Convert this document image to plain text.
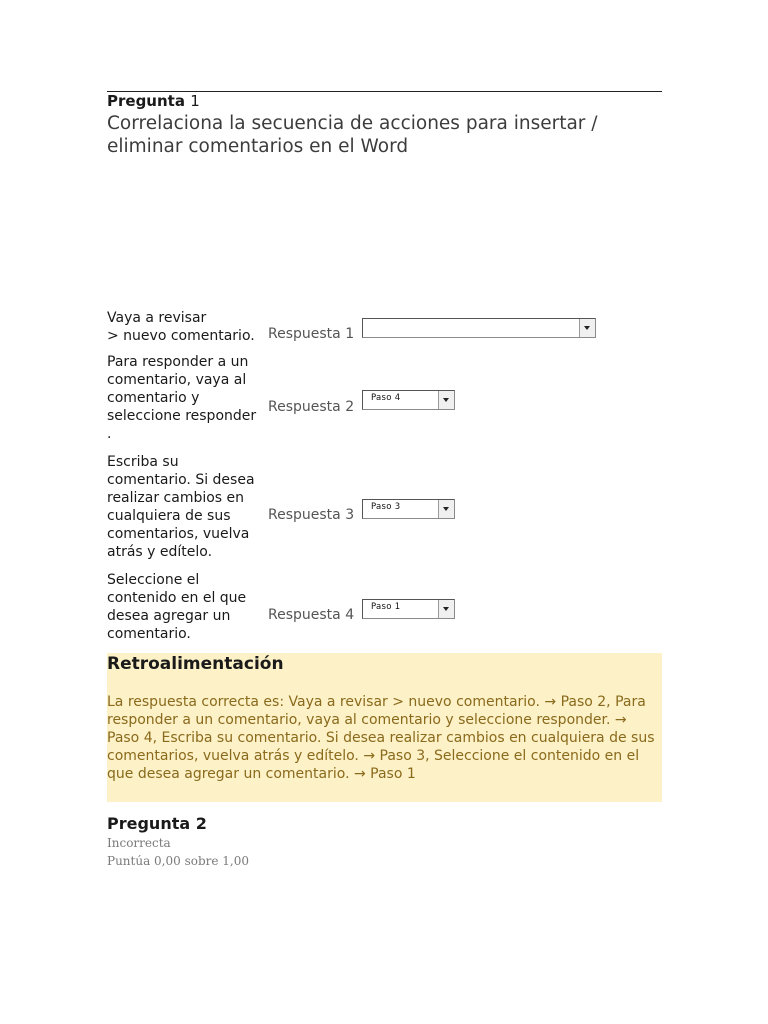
Pregunta 1
Correlaciona la secuencia de acciones para insertar / eliminar comentarios en el Word
Vaya a revisar
> nuevo comentario. Respuesta 1
Para responder a un
comentario, vaya al
comentario y
seleccione responder
.
Respuesta 2
Paso 4
Escriba su
comentario. Si desea
realizar cambios en
cualquiera de sus
comentarios, vuelva
atrás y edítelo.
Respuesta 3 Paso 3
Seleccione el
contenido en el que
desea agregar un
comentario.
Respuesta 4 Paso 1
Retroalimentación
La respuesta correcta es: Vaya a revisar > nuevo comentario. → Paso 2, Para responder a un comentario, vaya al comentario y seleccione responder. → Paso 4, Escriba su comentario. Si desea realizar cambios en cualquiera de sus comentarios, vuelva atrás y edítelo. → Paso 3, Seleccione el contenido en el que desea agregar un comentario. → Paso 1
Pregunta 2
Incorrecta
Puntúa 0,00 sobre 1,00
